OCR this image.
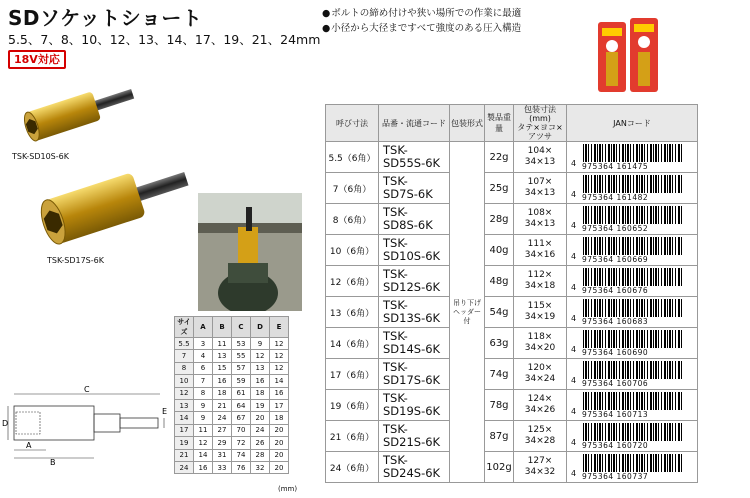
SDソケットショート
5.5、7、8、10、12、13、14、17、19、21、24mm
18V対応
● ボルトの締め付けや狭い場所での作業に最適
● 小径から大径まですべて強度のある圧入構造
TSK-SD10S-6K
TSK-SD17S-6K
C
A
B
D
E
サイズ	A	B	C	D	E
5.5	3	11	53	9	12
7	4	13	55	12	12
8	6	15	57	13	12
10	7	16	59	16	14
12	8	18	61	18	16
13	9	21	64	19	17
14	9	24	67	20	18
17	11	27	70	24	20
19	12	29	72	26	20
21	14	31	74	28	20
24	16	33	76	32	20
(mm)
呼び寸法	品番・流通コード	包装形式	製品重量	包装寸法(mm)
タテ×ヨコ×アツサ	JANコード
5.5（6角）	TSK-
SD55S-6K	吊り下げ
ヘッダー付	22g	104×
34×13	4 975364 161475

7（6角）	TSK-
SD7S-6K		25g	107×
34×13	4 975364 161482

8（6角）	TSK-
SD8S-6K		28g	108×
34×13	4 975364 160652

10（6角）	TSK-
SD10S-6K		40g	111×
34×16	4 975364 160669

12（6角）	TSK-
SD12S-6K		48g	112×
34×18	4 975364 160676

13（6角）	TSK-
SD13S-6K		54g	115×
34×19	4 975364 160683

14（6角）	TSK-
SD14S-6K		63g	118×
34×20	4 975364 160690

17（6角）	TSK-
SD17S-6K		74g	120×
34×24	4 975364 160706

19（6角）	TSK-
SD19S-6K		78g	124×
34×26	4 975364 160713

21（6角）	TSK-
SD21S-6K		87g	125×
34×28	4 975364 160720

24（6角）	TSK-
SD24S-6K		102g	127×
34×32	4 975364 160737
